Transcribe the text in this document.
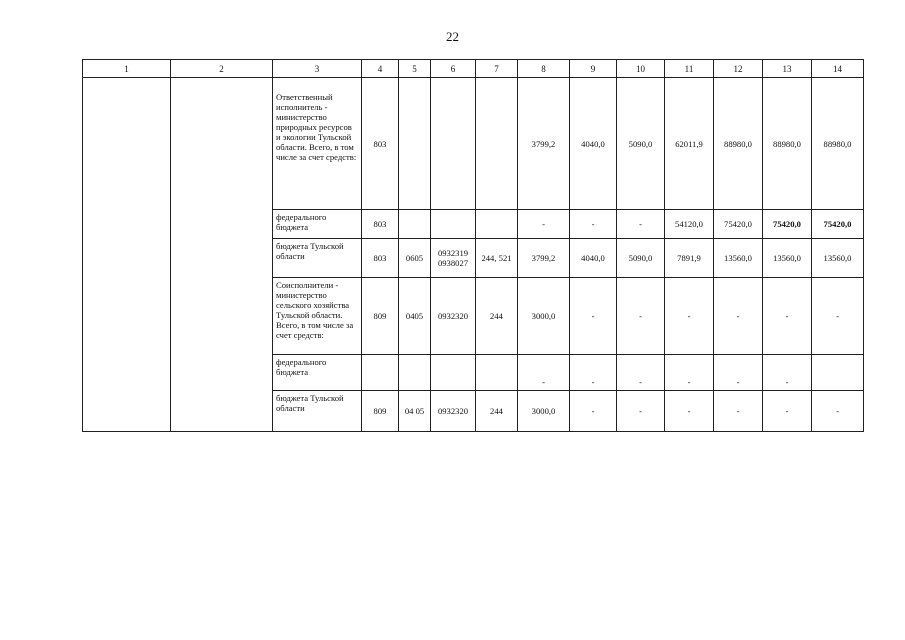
22
1	2	3	4	5	6	7	8	9	10	11	12	13	14
		Ответственный исполнитель - министерство природных ресурсов и экологии Тульской области. Всего, в том числе за счет средств:	803				3799,2	4040,0	5090,0	62011,9	88980,0	88980,0	88980,0
		федерального бюджета	803				-	-	-	54120,0	75420,0	75420,0	75420,0
		бюджета Тульской области	803	0605	0932319 0938027	244, 521	3799,2	4040,0	5090,0	7891,9	13560,0	13560,0	13560,0
		Соисполнители - министерство сельского хозяйства Тульской области. Всего, в том числе за счет средств:	809	0405	0932320	244	3000,0	-	-	-	-	-	-
		федерального бюджета					-	-	-	-	-	-	
		бюджета Тульской области	809	04 05	0932320	244	3000,0	-	-	-	-	-	-
